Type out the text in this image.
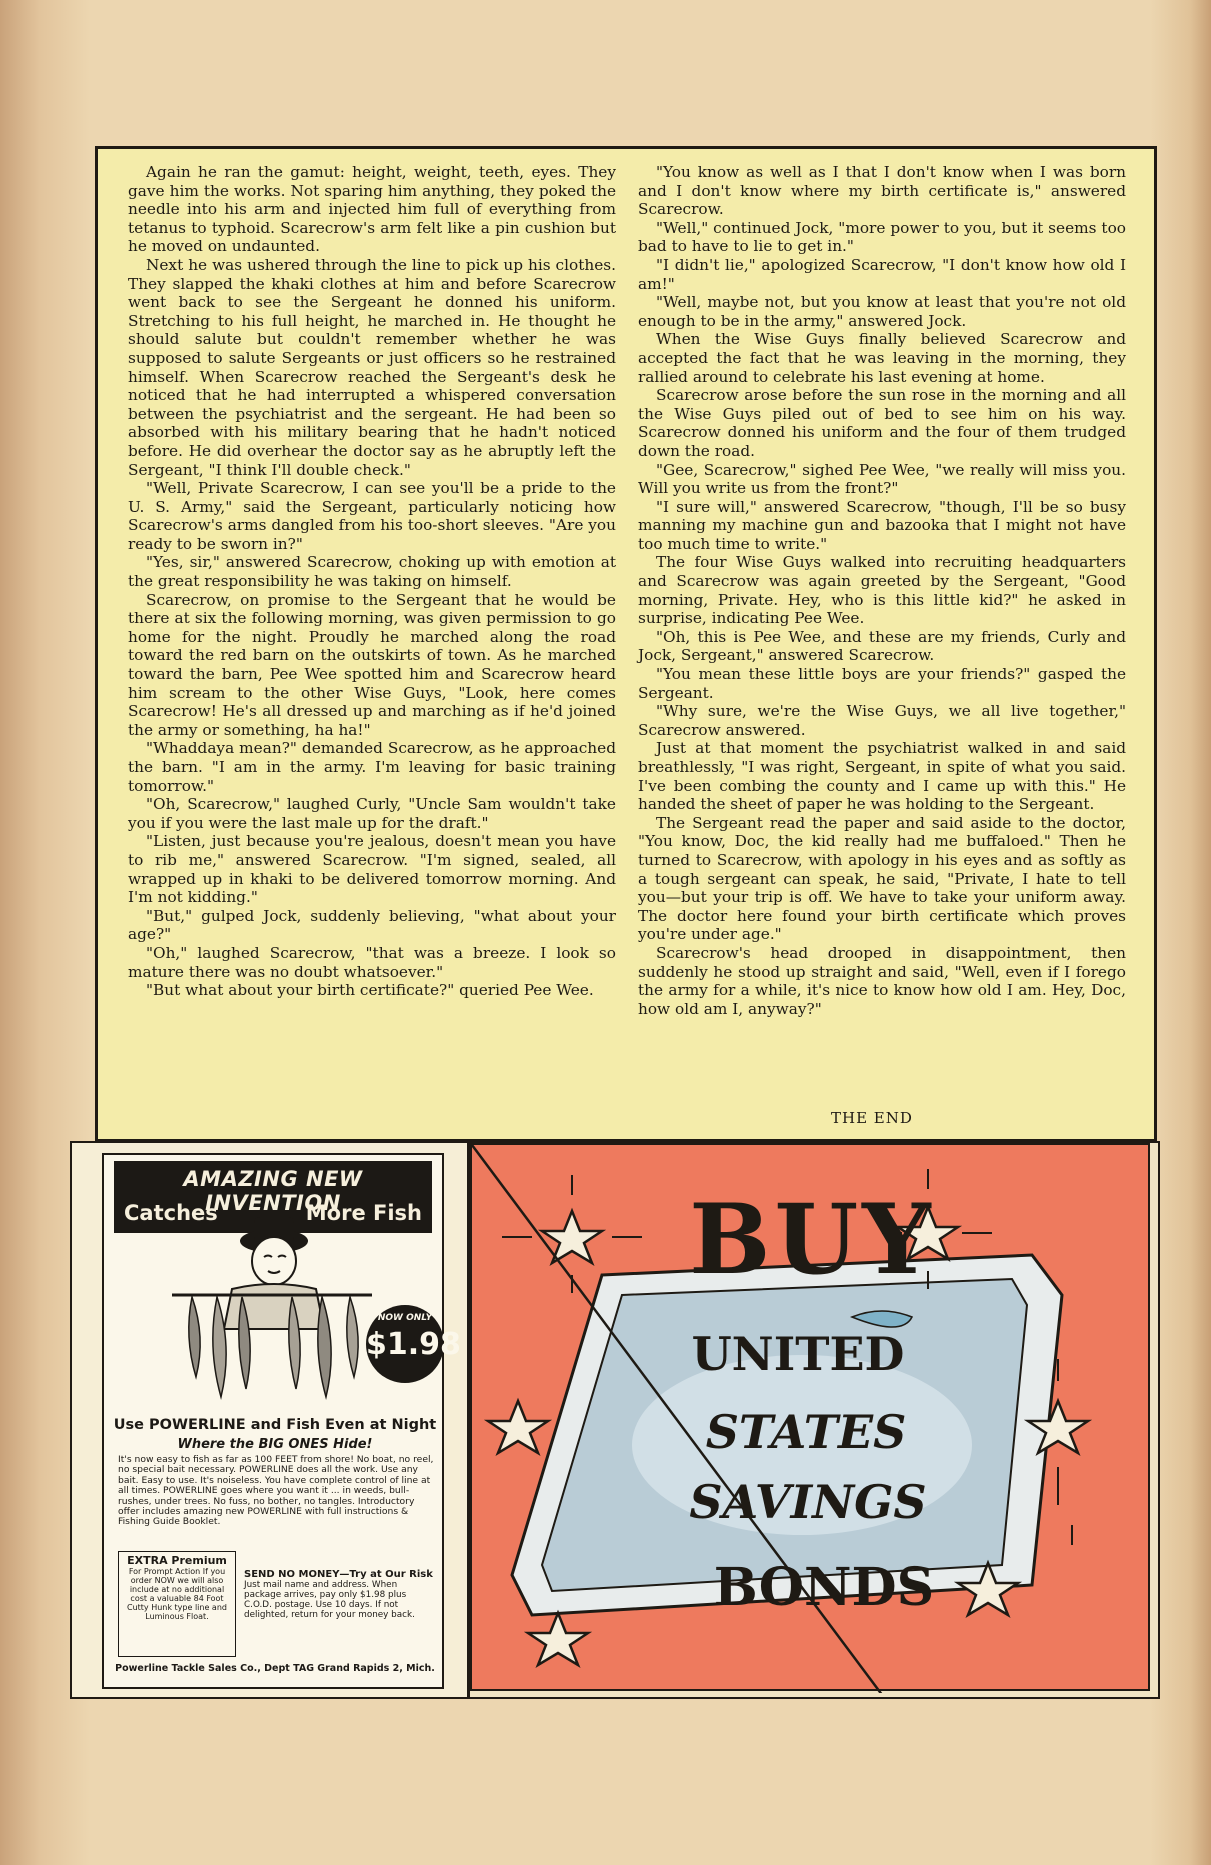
Again he ran the gamut: height, weight, teeth, eyes. They gave him the works. Not sparing him anything, they poked the needle into his arm and injected him full of everything from tetanus to typhoid. Scarecrow's arm felt like a pin cushion but he moved on undaunted.

Next he was ushered through the line to pick up his clothes. They slapped the khaki clothes at him and before Scarecrow went back to see the Sergeant he donned his uniform. Stretching to his full height, he marched in. He thought he should salute but couldn't remember whether he was supposed to salute Sergeants or just officers so he restrained himself. When Scarecrow reached the Sergeant's desk he noticed that he had interrupted a whispered conversation between the psychiatrist and the sergeant. He had been so absorbed with his military bearing that he hadn't noticed before. He did overhear the doctor say as he abruptly left the Sergeant, "I think I'll double check."

"Well, Private Scarecrow, I can see you'll be a pride to the U. S. Army," said the Sergeant, particularly noticing how Scarecrow's arms dangled from his too-short sleeves. "Are you ready to be sworn in?"

"Yes, sir," answered Scarecrow, choking up with emotion at the great responsibility he was taking on himself.

Scarecrow, on promise to the Sergeant that he would be there at six the following morning, was given permission to go home for the night. Proudly he marched along the road toward the red barn on the outskirts of town. As he marched toward the barn, Pee Wee spotted him and Scarecrow heard him scream to the other Wise Guys, "Look, here comes Scarecrow! He's all dressed up and marching as if he'd joined the army or something, ha ha!"

"Whaddaya mean?" demanded Scarecrow, as he approached the barn. "I am in the army. I'm leaving for basic training tomorrow."

"Oh, Scarecrow," laughed Curly, "Uncle Sam wouldn't take you if you were the last male up for the draft."

"Listen, just because you're jealous, doesn't mean you have to rib me," answered Scarecrow. "I'm signed, sealed, all wrapped up in khaki to be delivered tomorrow morning. And I'm not kidding."

"But," gulped Jock, suddenly believing, "what about your age?"

"Oh," laughed Scarecrow, "that was a breeze. I look so mature there was no doubt whatsoever."

"But what about your birth certificate?" queried Pee Wee.

"You know as well as I that I don't know when I was born and I don't know where my birth certificate is," answered Scarecrow.

"Well," continued Jock, "more power to you, but it seems too bad to have to lie to get in."

"I didn't lie," apologized Scarecrow, "I don't know how old I am!"

"Well, maybe not, but you know at least that you're not old enough to be in the army," answered Jock.

When the Wise Guys finally believed Scarecrow and accepted the fact that he was leaving in the morning, they rallied around to celebrate his last evening at home.

Scarecrow arose before the sun rose in the morning and all the Wise Guys piled out of bed to see him on his way. Scarecrow donned his uniform and the four of them trudged down the road.

"Gee, Scarecrow," sighed Pee Wee, "we really will miss you. Will you write us from the front?"

"I sure will," answered Scarecrow, "though, I'll be so busy manning my machine gun and bazooka that I might not have too much time to write."

The four Wise Guys walked into recruiting headquarters and Scarecrow was again greeted by the Sergeant, "Good morning, Private. Hey, who is this little kid?" he asked in surprise, indicating Pee Wee.

"Oh, this is Pee Wee, and these are my friends, Curly and Jock, Sergeant," answered Scarecrow.

"You mean these little boys are your friends?" gasped the Sergeant.

"Why sure, we're the Wise Guys, we all live together," Scarecrow answered.

Just at that moment the psychiatrist walked in and said breathlessly, "I was right, Sergeant, in spite of what you said. I've been combing the county and I came up with this." He handed the sheet of paper he was holding to the Sergeant.

The Sergeant read the paper and said aside to the doctor, "You know, Doc, the kid really had me buffaloed." Then he turned to Scarecrow, with apology in his eyes and as softly as a tough sergeant can speak, he said, "Private, I hate to tell you—but your trip is off. We have to take your uniform away. The doctor here found your birth certificate which proves you're under age."

Scarecrow's head drooped in disappointment, then suddenly he stood up straight and said, "Well, even if I forego the army for a while, it's nice to know how old I am. Hey, Doc, how old am I, anyway?"

THE END
AMAZING NEW INVENTION
Catches	More Fish
NOW ONLY
$1.98
Use POWERLINE and Fish Even at Night
Where the BIG ONES Hide!
It's now easy to fish as far as 100 FEET from shore! No boat, no reel, no special bait necessary. POWERLINE does all the work. Use any bait. Easy to use. It's noiseless. You have complete control of line at all times. POWERLINE goes where you want it ... in weeds, bull-rushes, under trees. No fuss, no bother, no tangles. Introductory offer includes amazing new POWERLINE with full instructions & Fishing Guide Booklet.
EXTRA Premium
For Prompt Action If you order NOW we will also include at no additional cost a valuable 84 Foot Cutty Hunk type line and Luminous Float.
SEND NO MONEY—Try at Our Risk
Just mail name and address. When package arrives, pay only $1.98 plus C.O.D. postage. Use 10 days. If not delighted, return for your money back.
Powerline Tackle Sales Co., Dept TAG Grand Rapids 2, Mich.
BUY
UNITED
STATES
SAVINGS
BONDS
